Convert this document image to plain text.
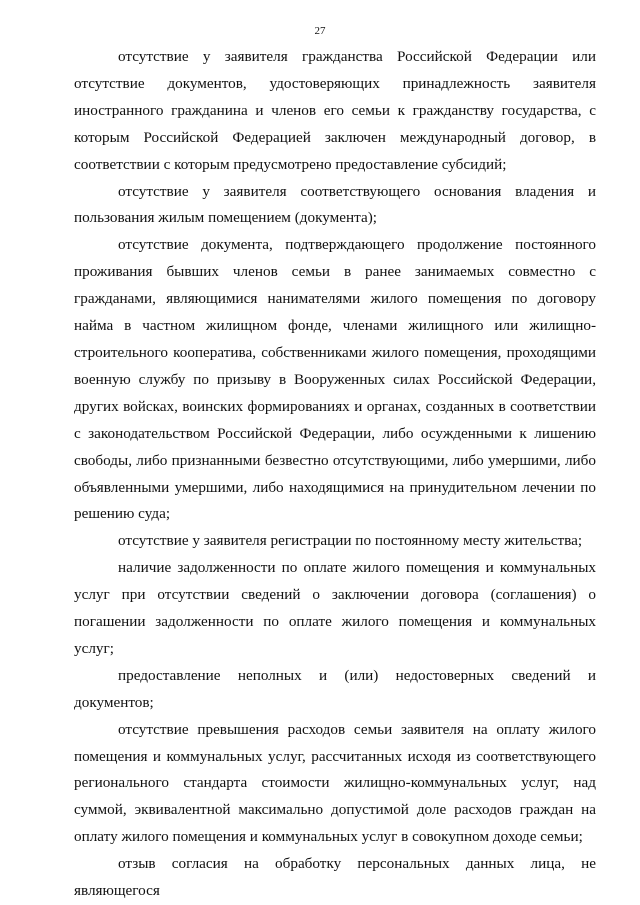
27

отсутствие у заявителя гражданства Российской Федерации или отсутствие документов, удостоверяющих принадлежность заявителя иностранного гражданина и членов его семьи к гражданству государства, с которым Российской Федерацией заключен международный договор, в соответствии с которым предусмотрено предоставление субсидий;

отсутствие у заявителя соответствующего основания владения и пользования жилым помещением (документа);

отсутствие документа, подтверждающего продолжение постоянного проживания бывших членов семьи в ранее занимаемых совместно с гражданами, являющимися нанимателями жилого помещения по договору найма в частном жилищном фонде, членами жилищного или жилищно-строительного кооператива, собственниками жилого помещения, проходящими военную службу по призыву в Вооруженных силах Российской Федерации, других войсках, воинских формированиях и органах, созданных в соответствии с законодательством Российской Федерации, либо осужденными к лишению свободы, либо признанными безвестно отсутствующими, либо умершими, либо объявленными умершими, либо находящимися на принудительном лечении по решению суда;

отсутствие у заявителя регистрации по постоянному месту жительства;

наличие задолженности по оплате жилого помещения и коммунальных услуг при отсутствии сведений о заключении договора (соглашения) о погашении задолженности по оплате жилого помещения и коммунальных услуг;

предоставление неполных и (или) недостоверных сведений и документов;

отсутствие превышения расходов семьи заявителя на оплату жилого помещения и коммунальных услуг, рассчитанных исходя из соответствующего регионального стандарта стоимости жилищно-коммунальных услуг, над суммой, эквивалентной максимально допустимой доле расходов граждан на оплату жилого помещения и коммунальных услуг в совокупном доходе семьи;

отзыв согласия на обработку персональных данных лица, не являющегося
